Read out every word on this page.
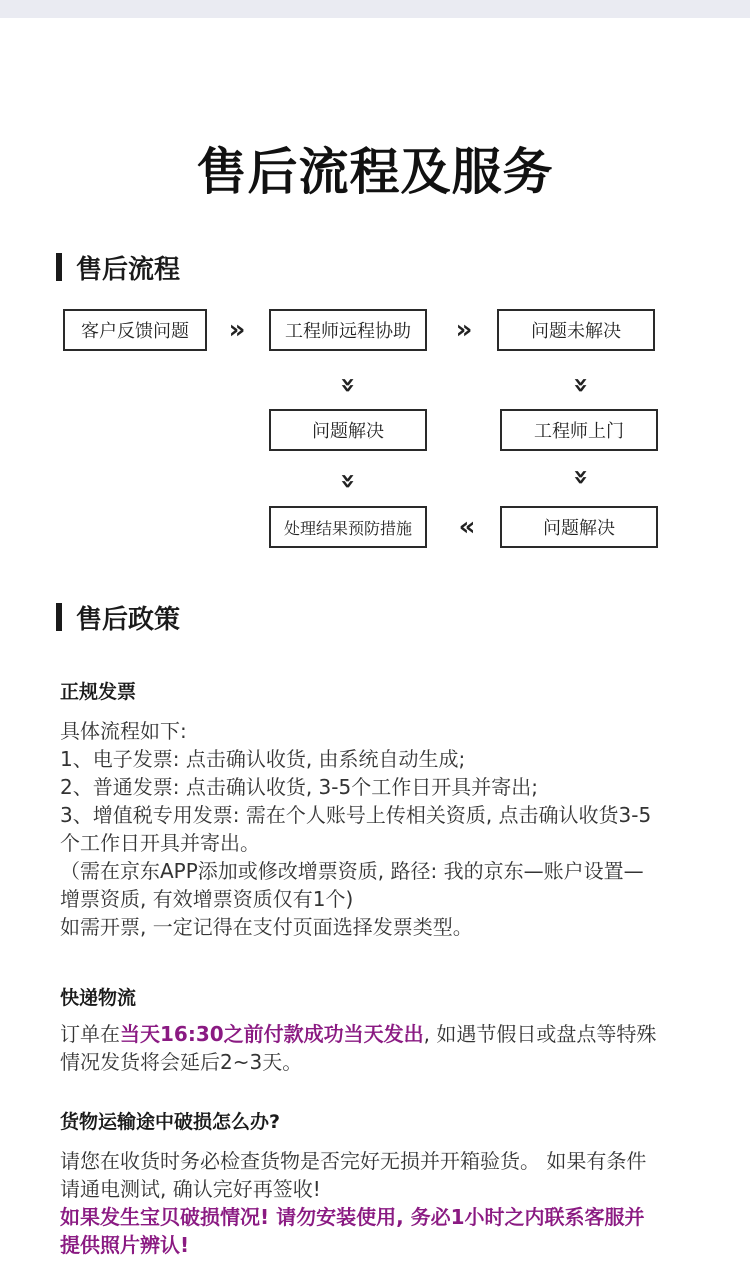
售后流程及服务
售后流程
客户反馈问题	»	工程师远程协助	»	问题未解决
»	»
问题解决	工程师上门
»	»
处理结果预防措施	«	问题解决
售后政策
正规发票
具体流程如下:
1、电子发票: 点击确认收货, 由系统自动生成;
2、普通发票: 点击确认收货, 3-5个工作日开具并寄出;
3、增值税专用发票: 需在个人账号上传相关资质, 点击确认收货3-5
个工作日开具并寄出。
（需在京东APP添加或修改增票资质, 路径: 我的京东—账户设置—
增票资质, 有效增票资质仅有1个)
如需开票, 一定记得在支付页面选择发票类型。
快递物流
订单在当天16:30之前付款成功当天发出, 如遇节假日或盘点等特殊
情况发货将会延后2~3天。
货物运输途中破损怎么办?
请您在收货时务必检查货物是否完好无损并开箱验货。 如果有条件
请通电测试, 确认完好再签收!
如果发生宝贝破损情况! 请勿安装使用, 务必1小时之内联系客服并
提供照片辨认!
